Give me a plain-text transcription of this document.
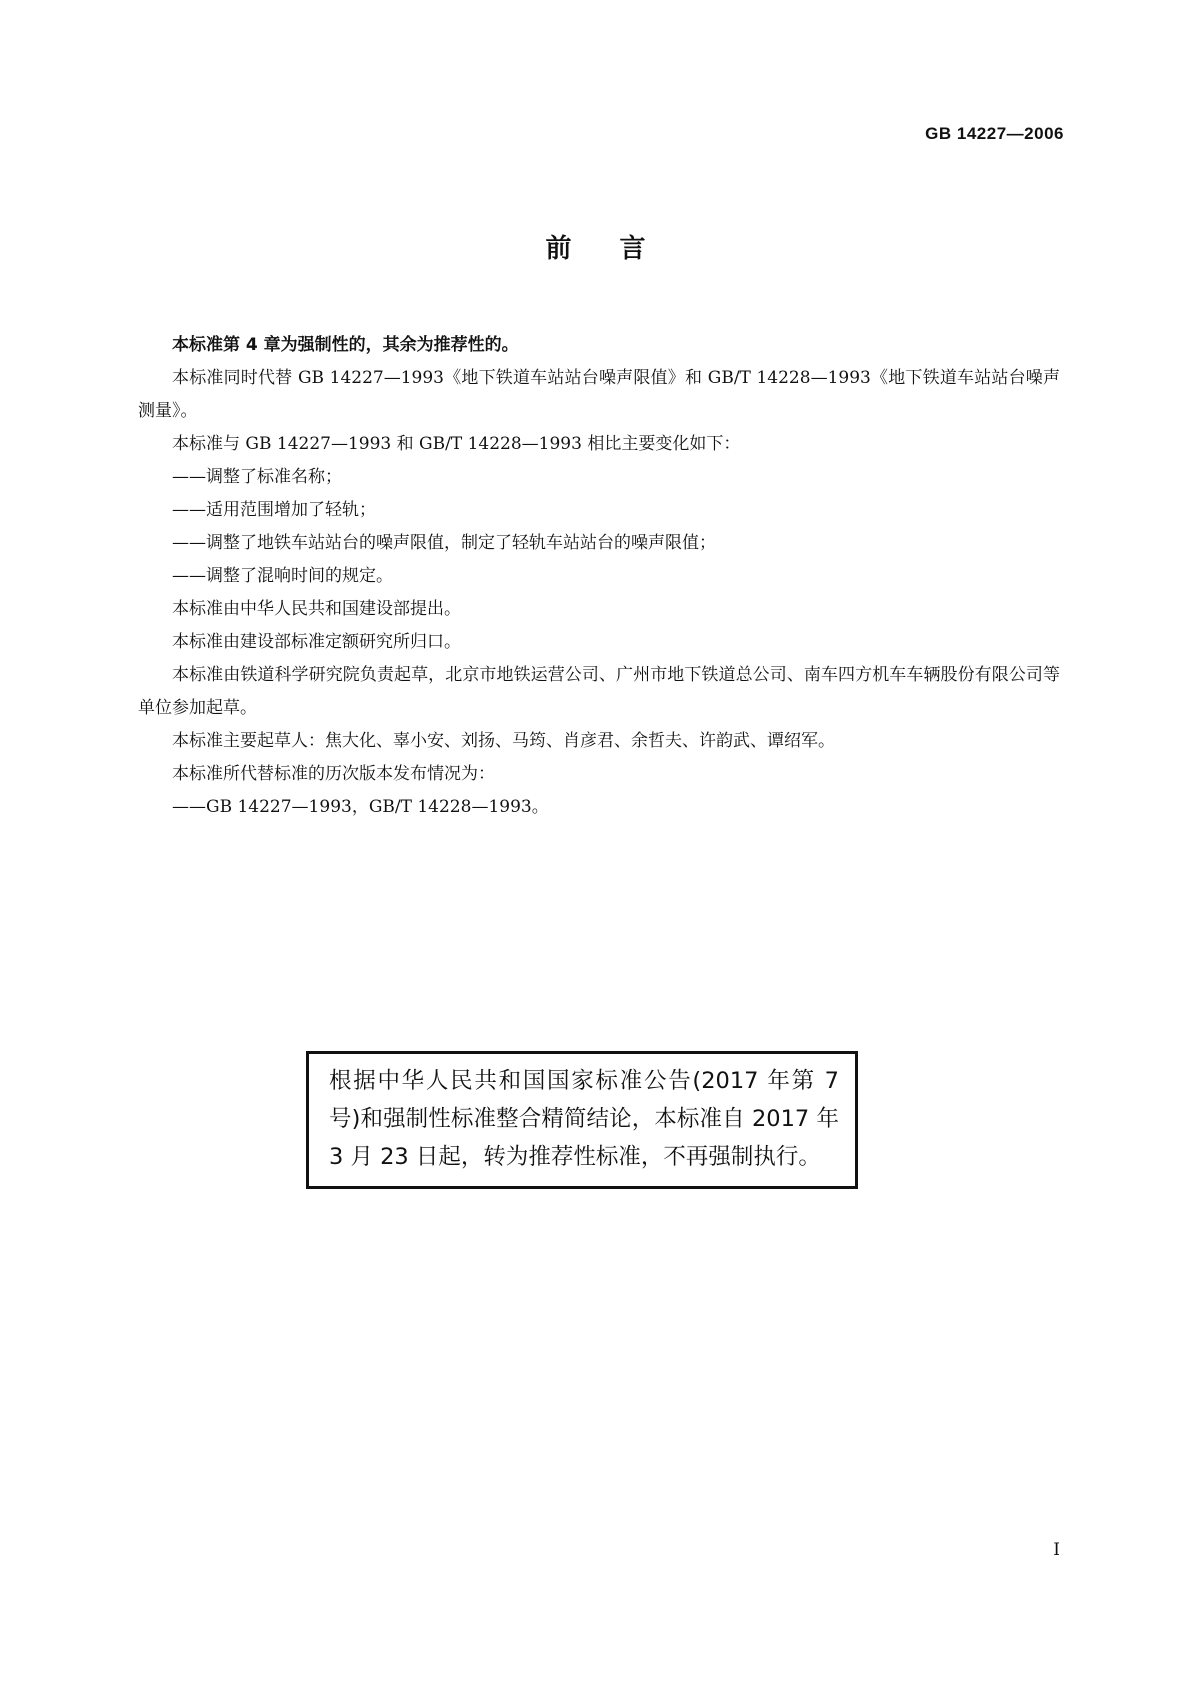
GB 14227—2006
前言

本标准第 4 章为强制性的，其余为推荐性的。

本标准同时代替 GB 14227—1993《地下铁道车站站台噪声限值》和 GB/T 14228—1993《地下铁道车站站台噪声测量》。

本标准与 GB 14227—1993 和 GB/T 14228—1993 相比主要变化如下：

——调整了标准名称；

——适用范围增加了轻轨；

——调整了地铁车站站台的噪声限值，制定了轻轨车站站台的噪声限值；

——调整了混响时间的规定。

本标准由中华人民共和国建设部提出。

本标准由建设部标准定额研究所归口。

本标准由铁道科学研究院负责起草，北京市地铁运营公司、广州市地下铁道总公司、南车四方机车车辆股份有限公司等单位参加起草。

本标准主要起草人：焦大化、辜小安、刘扬、马筠、肖彦君、余哲夫、许韵武、谭绍军。

本标准所代替标准的历次版本发布情况为：

——GB 14227—1993，GB/T 14228—1993。

根据中华人民共和国国家标准公告(2017 年第 7 号)和强制性标准整合精简结论，本标准自 2017 年 3 月 23 日起，转为推荐性标准，不再强制执行。
I
